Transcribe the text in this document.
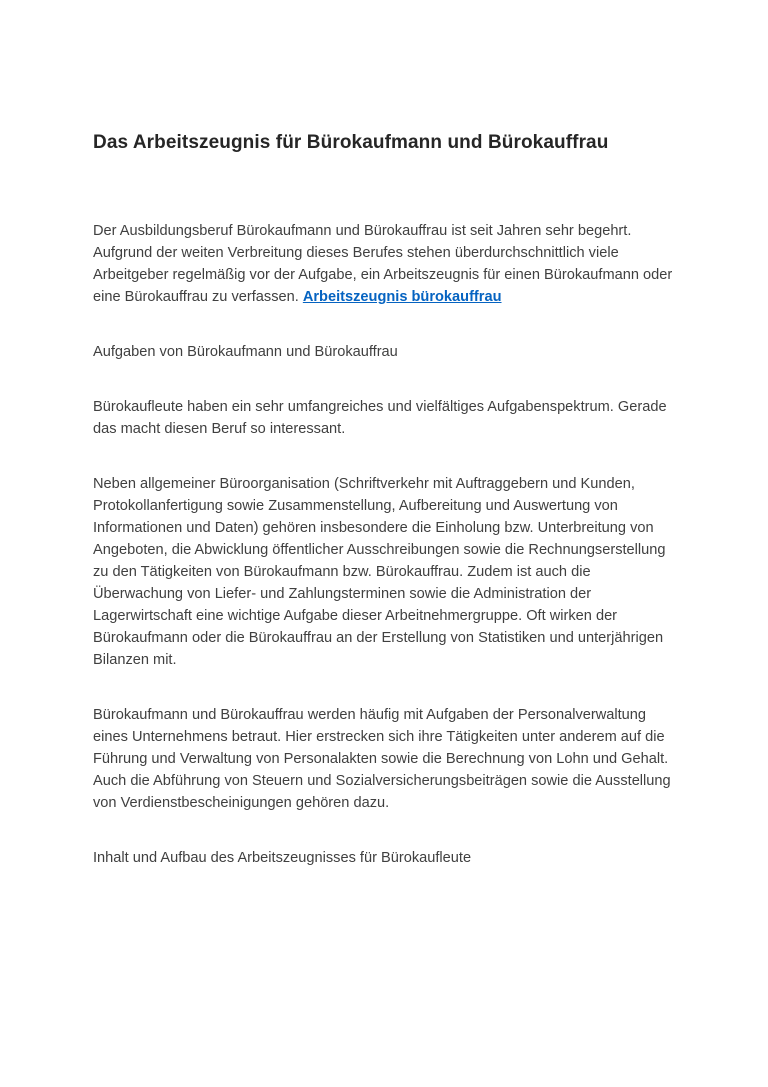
Das Arbeitszeugnis für Bürokaufmann und Bürokauffrau

Der Ausbildungsberuf Bürokaufmann und Bürokauffrau ist seit Jahren sehr begehrt. Aufgrund der weiten Verbreitung dieses Berufes stehen überdurchschnittlich viele Arbeitgeber regelmäßig vor der Aufgabe, ein Arbeitszeugnis für einen Bürokaufmann oder eine Bürokauffrau zu verfassen. Arbeitszeugnis bürokauffrau

Aufgaben von Bürokaufmann und Bürokauffrau

Bürokaufleute haben ein sehr umfangreiches und vielfältiges Aufgabenspektrum. Gerade das macht diesen Beruf so interessant.

Neben allgemeiner Büroorganisation (Schriftverkehr mit Auftraggebern und Kunden, Protokollanfertigung sowie Zusammenstellung, Aufbereitung und Auswertung von Informationen und Daten) gehören insbesondere die Einholung bzw. Unterbreitung von Angeboten, die Abwicklung öffentlicher Ausschreibungen sowie die Rechnungserstellung zu den Tätigkeiten von Bürokaufmann bzw. Bürokauffrau. Zudem ist auch die Überwachung von Liefer- und Zahlungsterminen sowie die Administration der Lagerwirtschaft eine wichtige Aufgabe dieser Arbeitnehmergruppe. Oft wirken der Bürokaufmann oder die Bürokauffrau an der Erstellung von Statistiken und unterjährigen Bilanzen mit.

Bürokaufmann und Bürokauffrau werden häufig mit Aufgaben der Personalverwaltung eines Unternehmens betraut. Hier erstrecken sich ihre Tätigkeiten unter anderem auf die Führung und Verwaltung von Personalakten sowie die Berechnung von Lohn und Gehalt. Auch die Abführung von Steuern und Sozialversicherungsbeiträgen sowie die Ausstellung von Verdienstbescheinigungen gehören dazu.

Inhalt und Aufbau des Arbeitszeugnisses für Bürokaufleute
